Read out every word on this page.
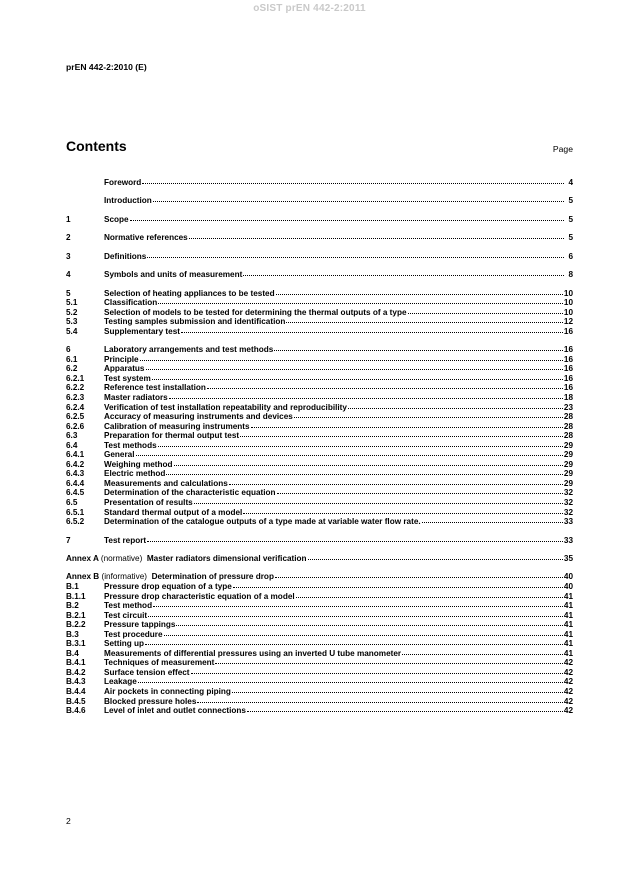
oSIST prEN 442-2:2011
prEN 442-2:2010 (E)
Contents	Page
Foreword	4
Introduction	5
1	Scope	5
2	Normative references	5
3	Definitions	6
4	Symbols and units of measurement	8
5	Selection of heating appliances to be tested	10
5.1	Classification	10
5.2	Selection of models to be tested for determining the thermal outputs of a type	10
5.3	Testing samples submission and identification	12
5.4	Supplementary test	16
6	Laboratory arrangements and test methods	16
6.1	Principle	16
6.2	Apparatus	16
6.2.1	Test system	16
6.2.2	Reference test installation	16
6.2.3	Master radiators	18
6.2.4	Verification of test installation repeatability and reproducibility	23
6.2.5	Accuracy of measuring instruments and devices	28
6.2.6	Calibration of measuring instruments	28
6.3	Preparation for thermal output test	28
6.4	Test methods	29
6.4.1	General	29
6.4.2	Weighing method	29
6.4.3	Electric method	29
6.4.4	Measurements and calculations	29
6.4.5	Determination of the characteristic equation	32
6.5	Presentation of results	32
6.5.1	Standard thermal output of a model	32
6.5.2	Determination of the catalogue outputs of a type made at variable water flow rate.	33
7	Test report	33
Annex A (normative) Master radiators dimensional verification	35
Annex B (informative) Determination of pressure drop	40
B.1	Pressure drop equation of a type	40
B.1.1	Pressure drop characteristic equation of a model	41
B.2	Test method	41
B.2.1	Test circuit	41
B.2.2	Pressure tappings	41
B.3	Test procedure	41
B.3.1	Setting up	41
B.4	Measurements of differential pressures using an inverted U tube manometer	41
B.4.1	Techniques of measurement	42
B.4.2	Surface tension effect	42
B.4.3	Leakage	42
B.4.4	Air pockets in connecting piping	42
B.4.5	Blocked pressure holes	42
B.4.6	Level of inlet and outlet connections	42
2
